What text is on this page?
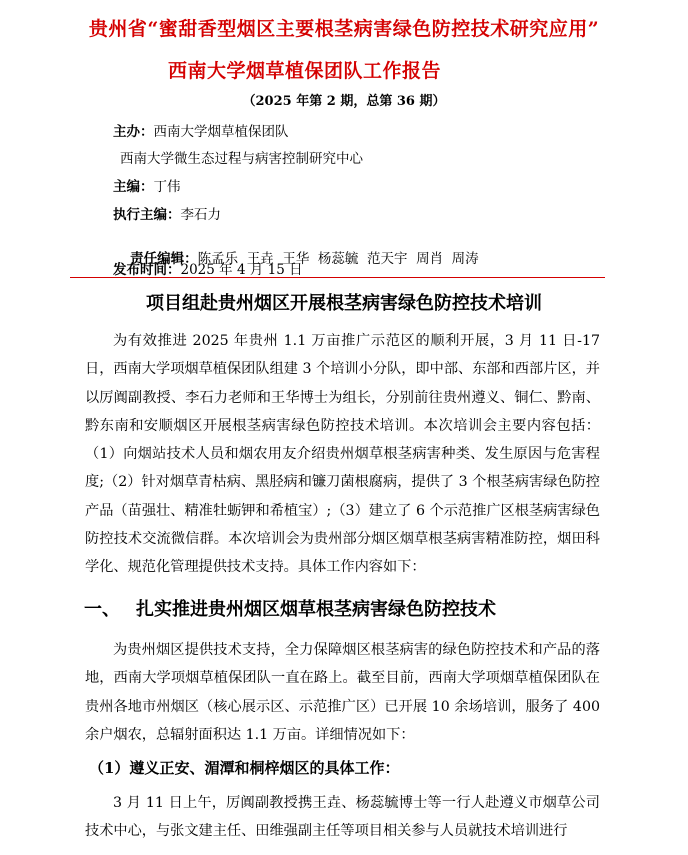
贵州省“蜜甜香型烟区主要根茎病害绿色防控技术研究应用”
西南大学烟草植保团队工作报告
（2025 年第 2 期，总第 36 期）
主办：西南大学烟草植保团队
西南大学微生态过程与病害控制研究中心
主编：丁伟
执行主编：李石力

责任编辑：陈孟乐  王垚  王华  杨蕊毓  范天宇  周肖  周涛

发布时间：2025 年 4 月 15 日
项目组赴贵州烟区开展根茎病害绿色防控技术培训

为有效推进 2025 年贵州 1.1 万亩推广示范区的顺利开展，3 月 11 日-17 日，西南大学项烟草植保团队组建 3 个培训小分队，即中部、东部和西部片区，并以厉阗副教授、李石力老师和王华博士为组长，分别前往贵州遵义、铜仁、黔南、黔东南和安顺烟区开展根茎病害绿色防控技术培训。本次培训会主要内容包括：（1）向烟站技术人员和烟农用友介绍贵州烟草根茎病害种类、发生原因与危害程度;（2）针对烟草青枯病、黑胫病和镰刀菌根腐病，提供了 3 个根茎病害绿色防控产品（苗强壮、精准牡蛎钾和希植宝）;（3）建立了 6 个示范推广区根茎病害绿色防控技术交流微信群。本次培训会为贵州部分烟区烟草根茎病害精准防控，烟田科学化、规范化管理提供技术支持。具体工作内容如下：

一、 扎实推进贵州烟区烟草根茎病害绿色防控技术

为贵州烟区提供技术支持，全力保障烟区根茎病害的绿色防控技术和产品的落地，西南大学项烟草植保团队一直在路上。截至目前，西南大学项烟草植保团队在贵州各地市州烟区（核心展示区、示范推广区）已开展 10 余场培训，服务了 400 余户烟农，总辐射面积达 1.1 万亩。详细情况如下：

（1）遵义正安、湄潭和桐梓烟区的具体工作：

3 月 11 日上午，厉阗副教授携王垚、杨蕊毓博士等一行人赴遵义市烟草公司技术中心，与张文建主任、田维强副主任等项目相关参与人员就技术培训进行
